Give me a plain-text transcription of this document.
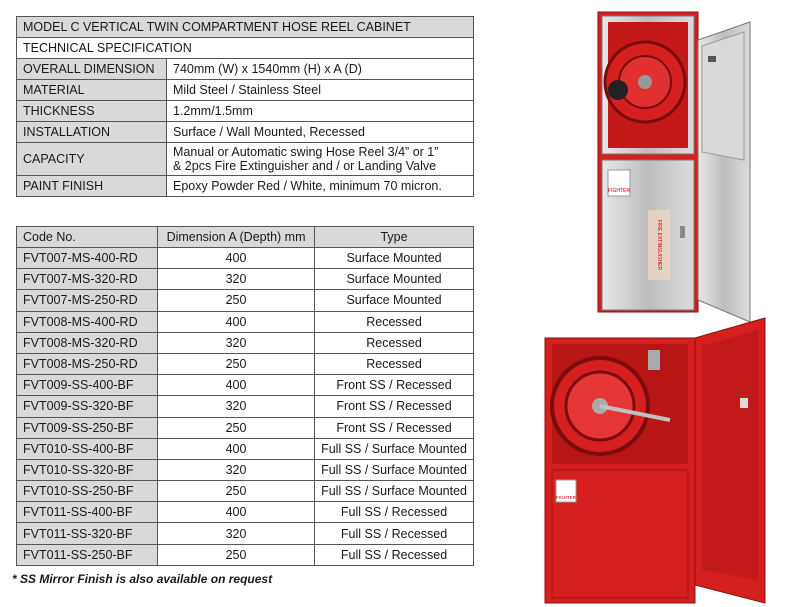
MODEL C VERTICAL TWIN COMPARTMENT HOSE REEL CABINET	
TECHNICAL SPECIFICATION	
OVERALL DIMENSION	740mm (W) x 1540mm (H) x A (D)
MATERIAL	Mild Steel / Stainless Steel
THICKNESS	1.2mm/1.5mm
INSTALLATION	Surface / Wall Mounted, Recessed
CAPACITY	Manual or Automatic swing Hose Reel 3/4” or 1”
& 2pcs Fire Extinguisher and / or Landing Valve

PAINT FINISH	Epoxy Powder Red / White, minimum 70 micron.
Code No.	Dimension A (Depth) mm	Type
FVT007-MS-400-RD	400	Surface Mounted
FVT007-MS-320-RD	320	Surface Mounted
FVT007-MS-250-RD	250	Surface Mounted
FVT008-MS-400-RD	400	Recessed
FVT008-MS-320-RD	320	Recessed
FVT008-MS-250-RD	250	Recessed
FVT009-SS-400-BF	400	Front SS / Recessed
FVT009-SS-320-BF	320	Front SS / Recessed
FVT009-SS-250-BF	250	Front SS / Recessed
FVT010-SS-400-BF	400	Full SS / Surface Mounted
FVT010-SS-320-BF	320	Full SS / Surface Mounted
FVT010-SS-250-BF	250	Full SS / Surface Mounted
FVT011-SS-400-BF	400	Full SS / Recessed
FVT011-SS-320-BF	320	Full SS / Recessed
FVT011-SS-250-BF	250	Full SS / Recessed
* SS Mirror Finish is also available on request
FIGHTER
FIRE EXTINGUISHER
FIGHTER
